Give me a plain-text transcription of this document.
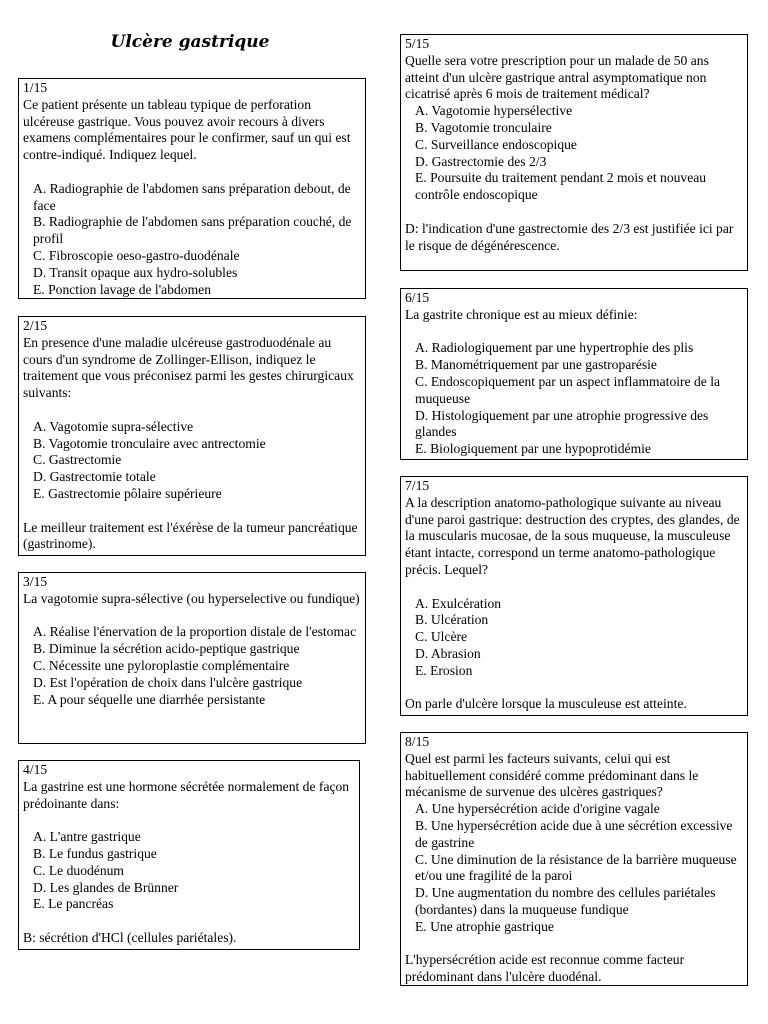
Ulcère gastrique
1/15
Ce patient présente un tableau typique de perforation ulcéreuse gastrique. Vous pouvez avoir recours à divers examens complémentaires pour le confirmer, sauf un qui est contre-indiqué. Indiquez lequel.
A. Radiographie de l'abdomen sans préparation debout, de face
B. Radiographie de l'abdomen sans préparation couché, de profil
C. Fibroscopie oeso-gastro-duodénale
D. Transit opaque aux hydro-solubles
E. Ponction lavage de l'abdomen
2/15
En presence d'une maladie ulcéreuse gastroduodénale au cours d'un syndrome de Zollinger-Ellison, indiquez le traitement que vous préconisez parmi les gestes chirurgicaux suivants:
A. Vagotomie supra-sélective
B. Vagotomie tronculaire avec antrectomie
C. Gastrectomie
D. Gastrectomie totale
E. Gastrectomie pôlaire supérieure
Le meilleur traitement est l'éxérèse de la tumeur pancréatique (gastrinome).
3/15
La vagotomie supra-sélective (ou hyperselective ou fundique)
A. Réalise l'énervation de la proportion distale de l'estomac
B. Diminue la sécrétion acido-peptique gastrique
C. Nécessite une pyloroplastie complémentaire
D. Est l'opération de choix dans l'ulcère gastrique
E. A pour séquelle une diarrhée persistante
4/15
La gastrine est une hormone sécrétée normalement de façon prédoinante dans:
A. L'antre gastrique
B. Le fundus gastrique
C. Le duodénum
D. Les glandes de Brünner
E. Le pancréas
B: sécrétion d'HCl (cellules pariétales).
5/15
Quelle sera votre prescription pour un malade de 50 ans atteint d'un ulcère gastrique antral asymptomatique non cicatrisé après 6 mois de traitement médical?
A. Vagotomie hypersélective
B. Vagotomie tronculaire
C. Surveillance endoscopique
D. Gastrectomie des 2/3
E. Poursuite du traitement pendant 2 mois et nouveau contrôle endoscopique
D: l'indication d'une gastrectomie des 2/3 est justifiée ici par le risque de dégénérescence.
6/15
La gastrite chronique est au mieux définie:
A. Radiologiquement par une hypertrophie des plis
B. Manométriquement par une gastroparésie
C. Endoscopiquement par un aspect inflammatoire de la muqueuse
D. Histologiquement par une atrophie progressive des glandes
E. Biologiquement par une hypoprotidémie
7/15
A la description anatomo-pathologique suivante au niveau d'une paroi gastrique: destruction des cryptes, des glandes, de la muscularis mucosae, de la sous muqueuse, la musculeuse étant intacte, correspond un terme anatomo-pathologique précis. Lequel?
A. Exulcération
B. Ulcération
C. Ulcère
D. Abrasion
E. Erosion
On parle d'ulcère lorsque la musculeuse est atteinte.
8/15
Quel est parmi les facteurs suivants, celui qui est habituellement considéré comme prédominant dans le mécanisme de survenue des ulcères gastriques?
A. Une hypersécrétion acide d'origine vagale
B. Une hypersécrétion acide due à une sécrétion excessive de gastrine
C. Une diminution de la résistance de la barrière muqueuse et/ou une fragilité de la paroi
D. Une augmentation du nombre des cellules pariétales (bordantes) dans la muqueuse fundique
E. Une atrophie gastrique
L'hypersécrétion acide est reconnue comme facteur prédominant dans l'ulcère duodénal.
